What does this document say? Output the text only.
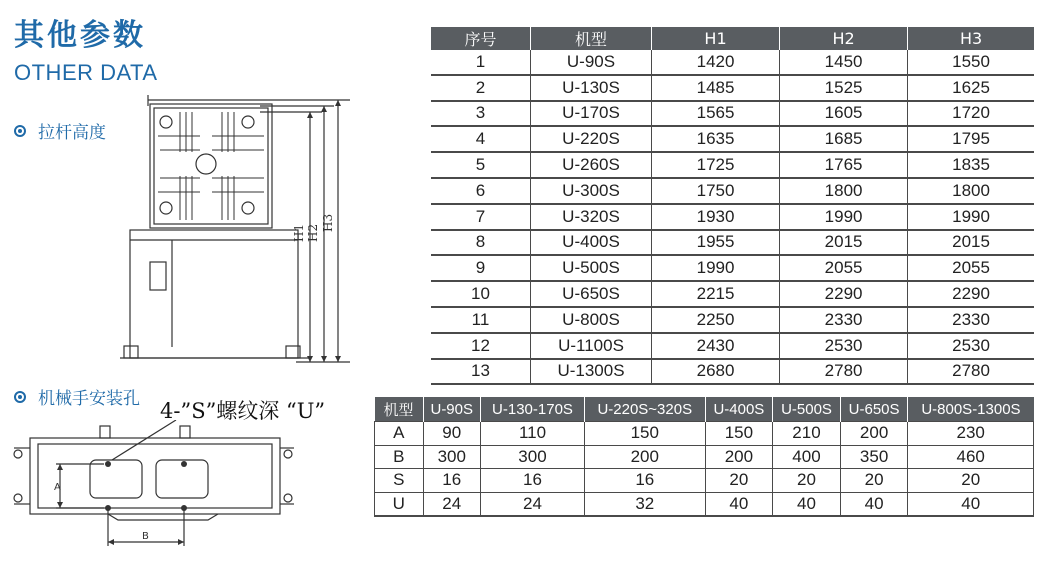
其他参数
OTHER DATA
拉杆高度
机械手安装孔
H1 H2
H3
4-”S”螺纹深 “U”
A
B
序号	机型	H1	H2	H3
1	U-90S	1420	1450	1550
2	U-130S	1485	1525	1625
3	U-170S	1565	1605	1720
4	U-220S	1635	1685	1795
5	U-260S	1725	1765	1835
6	U-300S	1750	1800	1800
7	U-320S	1930	1990	1990
8	U-400S	1955	2015	2015
9	U-500S	1990	2055	2055
10	U-650S	2215	2290	2290
11	U-800S	2250	2330	2330
12	U-1100S	2430	2530	2530
13	U-1300S	2680	2780	2780
机型	U-90S	U-130-170S	U-220S~320S	U-400S	U-500S	U-650S	U-800S-1300S
A	90	110	150	150	210	200	230
B	300	300	200	200	400	350	460
S	16	16	16	20	20	20	20
U	24	24	32	40	40	40	40
